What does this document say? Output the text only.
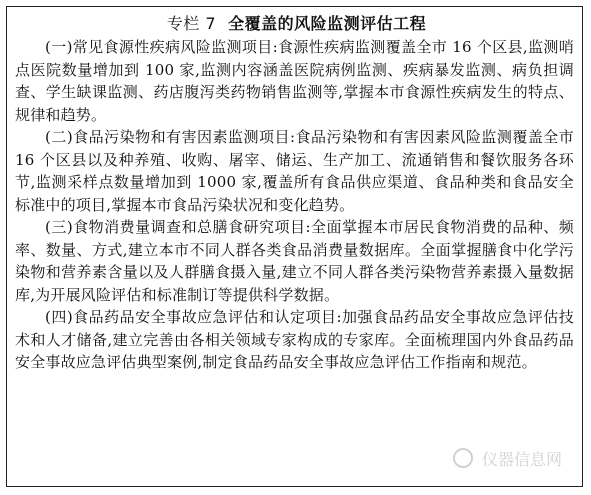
专栏 7 全覆盖的风险监测评估工程

(一)常见食源性疾病风险监测项目:食源性疾病监测覆盖全市 16 个区县,监测哨点医院数量增加到 100 家,监测内容涵盖医院病例监测、疾病暴发监测、病负担调查、学生缺课监测、药店腹泻类药物销售监测等,掌握本市食源性疾病发生的特点、规律和趋势。

(二)食品污染物和有害因素监测项目:食品污染物和有害因素风险监测覆盖全市 16 个区县以及种养殖、收购、屠宰、储运、生产加工、流通销售和餐饮服务各环节,监测采样点数量增加到 1000 家,覆盖所有食品供应渠道、食品种类和食品安全标准中的项目,掌握本市食品污染状况和变化趋势。

(三)食物消费量调查和总膳食研究项目:全面掌握本市居民食物消费的品种、频率、数量、方式,建立本市不同人群各类食品消费量数据库。全面掌握膳食中化学污染物和营养素含量以及人群膳食摄入量,建立不同人群各类污染物营养素摄入量数据库,为开展风险评估和标准制订等提供科学数据。

(四)食品药品安全事故应急评估和认定项目:加强食品药品安全事故应急评估技术和人才储备,建立完善由各相关领域专家构成的专家库。全面梳理国内外食品药品安全事故应急评估典型案例,制定食品药品安全事故应急评估工作指南和规范。

仪器信息网
